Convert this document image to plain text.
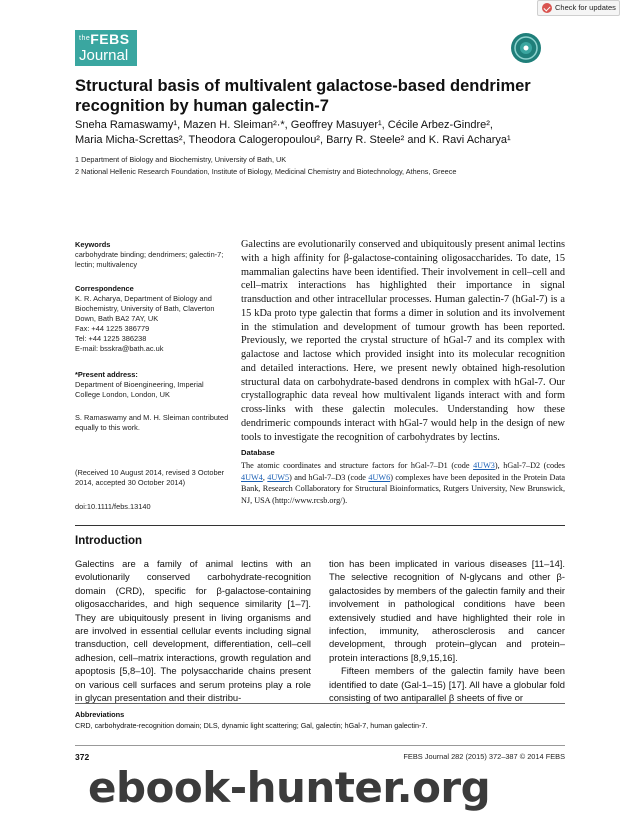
Check for updates
$^{the}$FEBS
Journal
Structural basis of multivalent galactose-based dendrimer recognition by human galectin-7
Sneha Ramaswamy¹, Mazen H. Sleiman²·*, Geoffrey Masuyer¹, Cécile Arbez-Gindre²,
Maria Micha-Screttas², Theodora Calogeropoulou², Barry R. Steele² and K. Ravi Acharya¹
1 Department of Biology and Biochemistry, University of Bath, UK
2 National Hellenic Research Foundation, Institute of Biology, Medicinal Chemistry and Biotechnology, Athens, Greece
Keywords
carbohydrate binding; dendrimers; galectin-7; lectin; multivalency
Correspondence
K. R. Acharya, Department of Biology and
Biochemistry, University of Bath, Claverton
Down, Bath BA2 7AY, UK
Fax: +44 1225 386779
Tel: +44 1225 386238
E-mail: bsskra@bath.ac.uk
*Present address:
Department of Bioengineering, Imperial College London, London, UK
S. Ramaswamy and M. H. Sleiman contributed equally to this work.
(Received 10 August 2014, revised 3 October 2014, accepted 30 October 2014)
doi:10.1111/febs.13140
Galectins are evolutionarily conserved and ubiquitously present animal lectins with a high affinity for β-galactose-containing oligosaccharides. To date, 15 mammalian galectins have been identified. Their involvement in cell–cell and cell–matrix interactions has highlighted their importance in signal transduction and other intracellular processes. Human galectin-7 (hGal-7) is a 15 kDa proto type galectin that forms a dimer in solution and its involvement in the stimulation and development of tumour growth has been reported. Previously, we reported the crystal structure of hGal-7 and its complex with galactose and lactose which provided insight into its molecular recognition and detailed interactions. Here, we present newly obtained high-resolution structural data on carbohydrate-based dendrons in complex with hGal-7. Our crystallographic data reveal how multivalent ligands interact with and form cross-links with these galectin molecules. Understanding how these dendrimeric compounds interact with hGal-7 would help in the design of new tools to investigate the recognition of carbohydrates by lectins.
Database
The atomic coordinates and structure factors for hGal-7–D1 (code 4UW3), hGal-7–D2 (codes 4UW4, 4UW5) and hGal-7–D3 (code 4UW6) complexes have been deposited in the Protein Data Bank, Research Collaboratory for Structural Bioinformatics, Rutgers University, New Brunswick, NJ, USA (http://www.rcsb.org/).
Introduction

Galectins are a family of animal lectins with an evolutionarily conserved carbohydrate-recognition domain (CRD), specific for β-galactose-containing oligosaccharides, and high sequence similarity [1–7]. They are ubiquitously present in living organisms and are involved in essential cellular events including signal transduction, cell development, differentiation, cell–cell adhesion, cell–matrix interactions, growth regulation and apoptosis [5,8–10]. The polysaccharide chains present on various cell surfaces and serum proteins play a role in glycan presentation and their distribu-

tion has been implicated in various diseases [11–14]. The selective recognition of N-glycans and other β-galactosides by members of the galectin family and their involvement in pathological conditions have been extensively studied and have highlighted their role in infection, immunity, atherosclerosis and cancer development, through protein–glycan and protein–protein interactions [8,9,15,16].

Fifteen members of the galectin family have been identified to date (Gal-1–15) [17]. All have a globular fold consisting of two antiparallel β sheets of five or

Abbreviations
CRD, carbohydrate-recognition domain; DLS, dynamic light scattering; Gal, galectin; hGal-7, human galectin-7.
372	FEBS Journal 282 (2015) 372–387 © 2014 FEBS
ebook-hunter.org
